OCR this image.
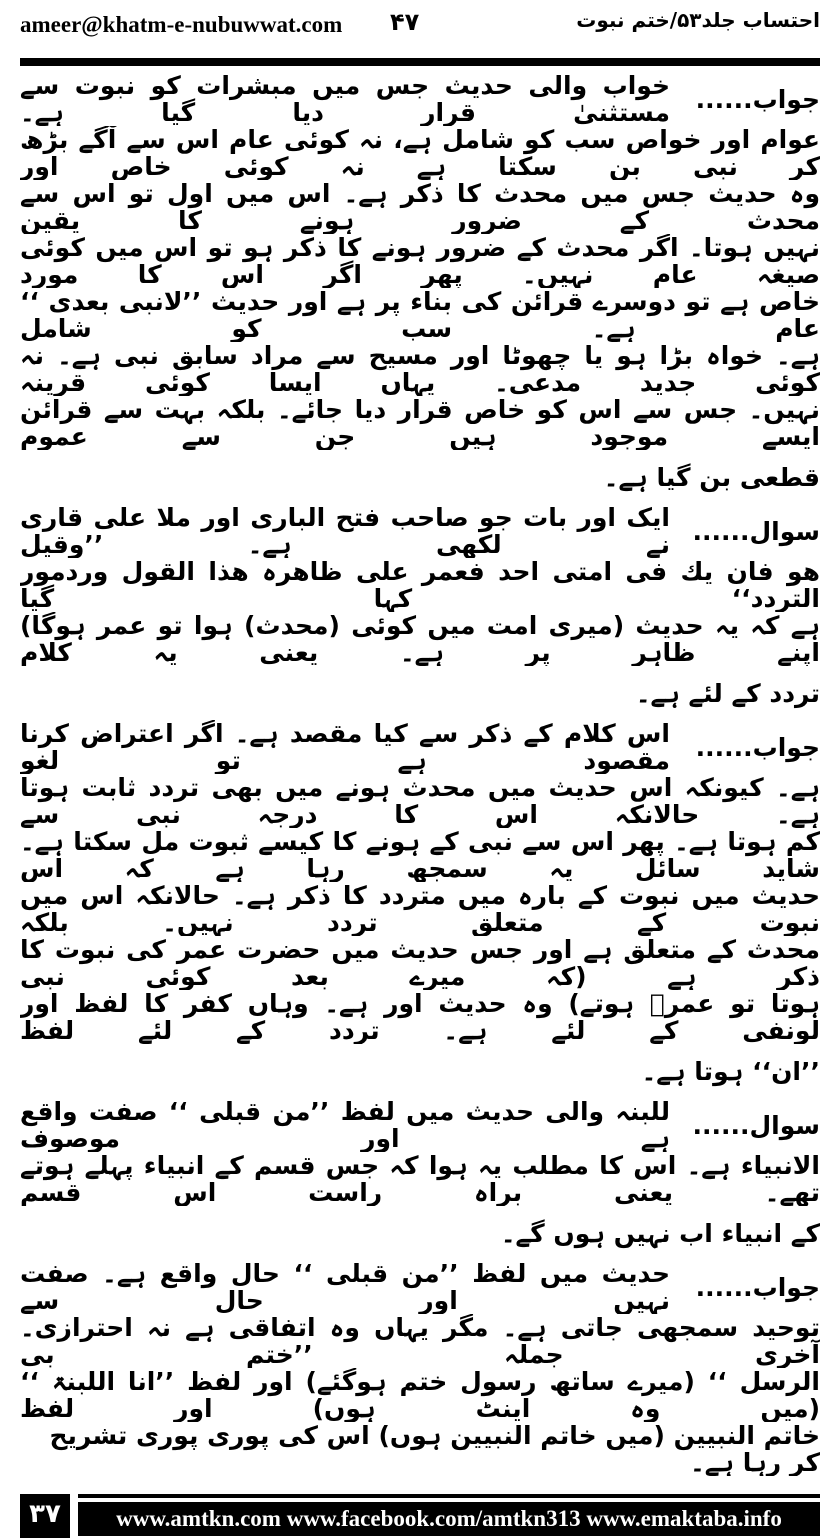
ameer@khatm-e-nubuwwat.com ۴۷	احتساب جلد۵۳/ختم نبوت
جواب......
خواب والی حدیث جس میں مبشرات کو نبوت سے مستثنیٰ قرار دیا گیا ہے۔
عوام اور خواص سب کو شامل ہے، نہ کوئی عام اس سے آگے بڑھ کر نبی بن سکتا ہے نہ کوئی خاص اور
وہ حدیث جس میں محدث کا ذکر ہے۔ اس میں اول تو اس سے محدث کے ضرور ہونے کا یقین
نہیں ہوتا۔ اگر محدث کے ضرور ہونے کا ذکر ہو تو اس میں کوئی صیغہ عام نہیں۔ پھر اگر اس کا مورد
خاص ہے تو دوسرے قرائن کی بناء پر ہے اور حدیث ’’لانبی بعدی ‘‘ عام ہے۔ سب کو شامل
ہے۔ خواہ بڑا ہو یا چھوٹا اور مسیح سے مراد سابق نبی ہے۔ نہ کوئی جدید مدعی۔ یہاں ایسا کوئی قرینہ
نہیں۔ جس سے اس کو خاص قرار دیا جائے۔ بلکہ بہت سے قرائن ایسے موجود ہیں جن سے عموم
قطعی بن گیا ہے۔
سوال......
ایک اور بات جو صاحب فتح الباری اور ملا علی قاری نے لکھی ہے۔ ’’وقیل
ھو فان یك فی امتی احد فعمر علی ظاھرہ ھذا القول وردمور التردد‘‘ کہا گیا
ہے کہ یہ حدیث (میری امت میں کوئی (محدث) ہوا تو عمر ہوگا) اپنے ظاہر پر ہے۔ یعنی یہ کلام
تردد کے لئے ہے۔
جواب......
اس کلام کے ذکر سے کیا مقصد ہے۔ اگر اعتراض کرنا مقصود ہے تو لغو
ہے۔ کیونکہ اس حدیث میں محدث ہونے میں بھی تردد ثابت ہوتا ہے۔ حالانکہ اس کا درجہ نبی سے
کم ہوتا ہے۔ پھر اس سے نبی کے ہونے کا کیسے ثبوت مل سکتا ہے۔ شاید سائل یہ سمجھ رہا ہے کہ اس
حدیث میں نبوت کے بارہ میں متردد کا ذکر ہے۔ حالانکہ اس میں نبوت کے متعلق تردد نہیں۔ بلکہ
محدث کے متعلق ہے اور جس حدیث میں حضرت عمر کی نبوت کا ذکر ہے (کہ میرے بعد کوئی نبی
ہوتا تو عمرؓ ہوتے) وہ حدیث اور ہے۔ وہاں کفر کا لفظ اور لونفی کے لئے ہے۔ تردد کے لئے لفظ
’’ان‘‘ ہوتا ہے۔
سوال......
للبنہ والی حدیث میں لفظ ’’من قبلی ‘‘ صفت واقع ہے اور موصوف
الانبیاء ہے۔ اس کا مطلب یہ ہوا کہ جس قسم کے انبیاء پہلے ہوتے تھے۔ یعنی براہ راست اس قسم
کے انبیاء اب نہیں ہوں گے۔
جواب......
حدیث میں لفظ ’’من قبلی ‘‘ حال واقع ہے۔ صفت نہیں اور حال سے
توحید سمجھی جاتی ہے۔ مگر یہاں وہ اتفاقی ہے نہ احترازی۔ آخری جملہ ’’ختم بی
الرسل ‘‘ (میرے ساتھ رسول ختم ہوگئے) اور لفظ ’’انا اللبنۃ ‘‘ (میں وہ اینٹ ہوں) اور لفظ
خاتم النبیین (میں خاتم النبیین ہوں) اس کی پوری پوری تشریح کر رہا ہے۔
۳۷	www.amtkn.com www.facebook.com/amtkn313 www.emaktaba.info
